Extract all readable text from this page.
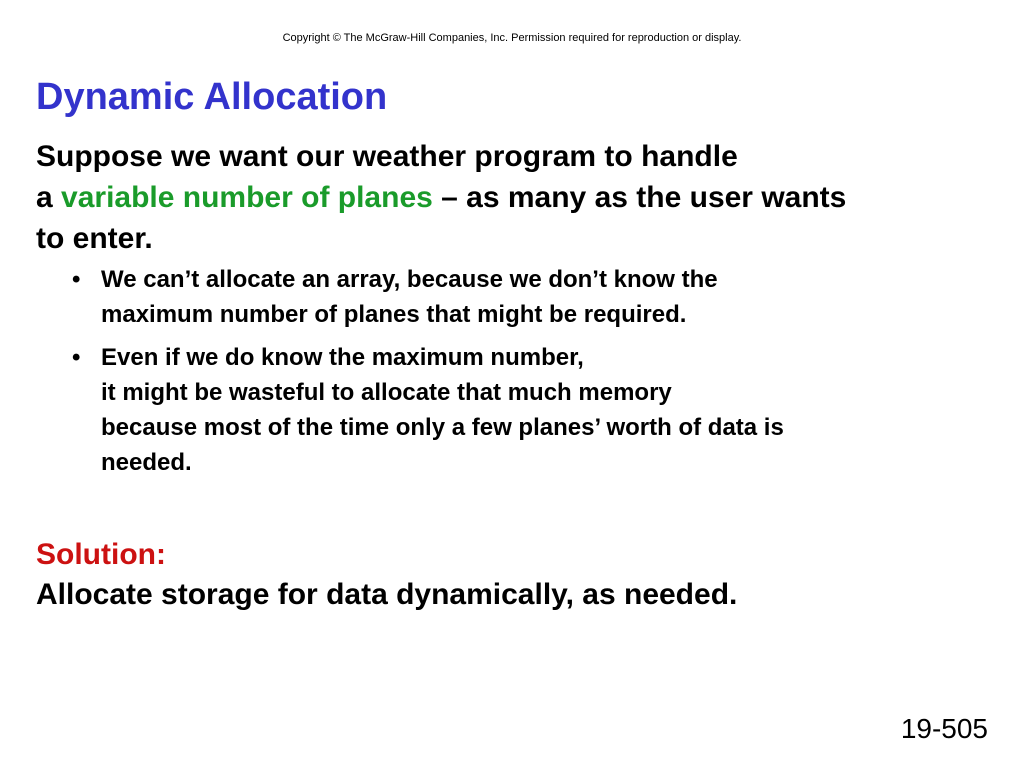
Copyright © The McGraw-Hill Companies, Inc. Permission required for reproduction or display.
Dynamic Allocation
Suppose we want our weather program to handle
a variable number of planes – as many as the user wants
to enter.
• We can’t allocate an array, because we don’t know the
maximum number of planes that might be required.
• Even if we do know the maximum number,
it might be wasteful to allocate that much memory
because most of the time only a few planes’ worth of data is
needed.
Solution:
Allocate storage for data dynamically, as needed.
19-505
